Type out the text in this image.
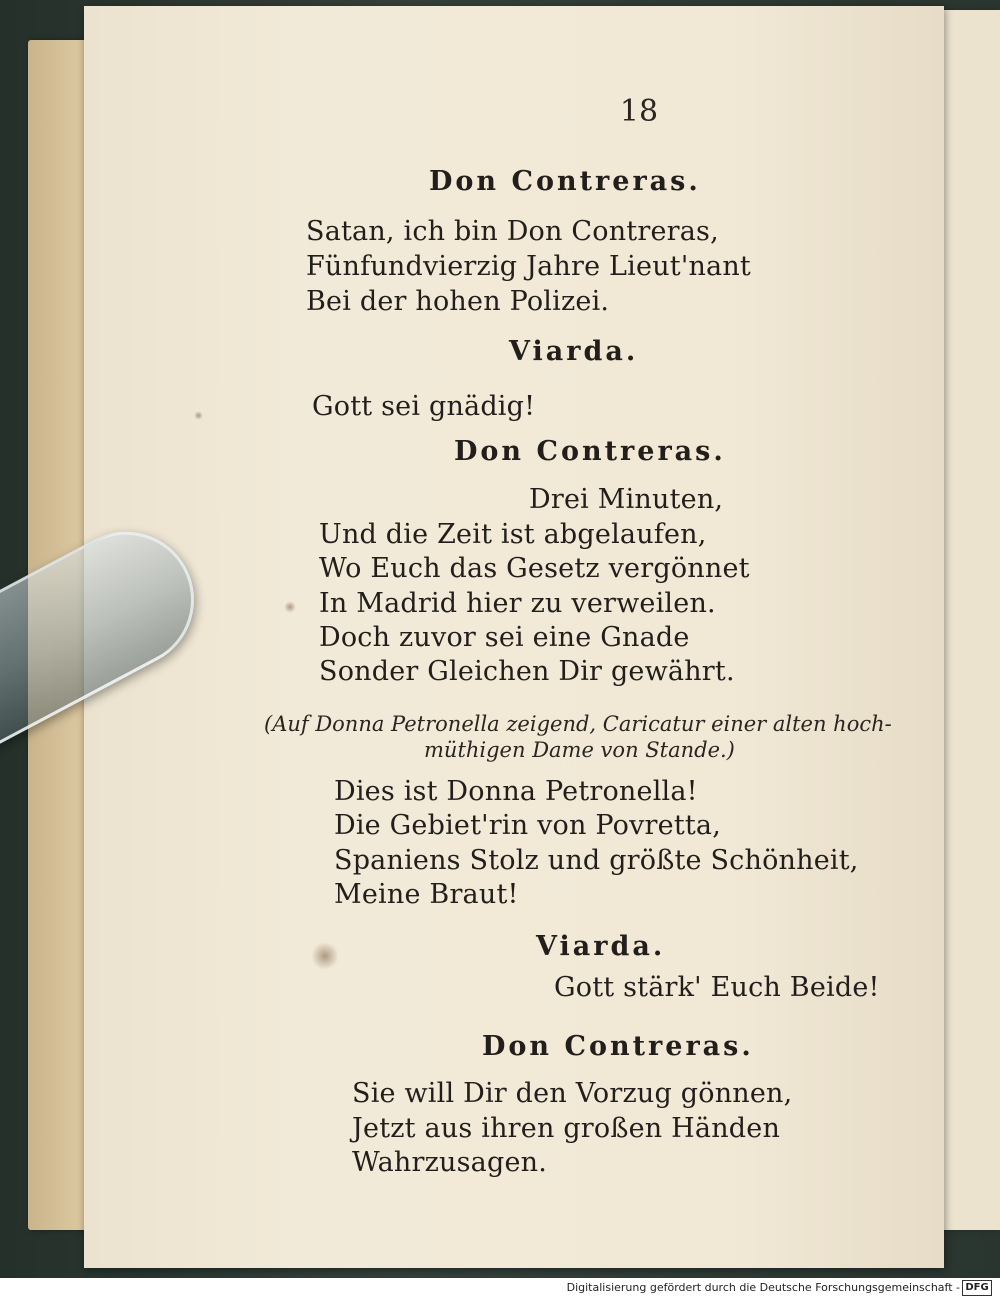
18
Don Contreras.
Satan, ich bin Don Contreras,
Fünfundvierzig Jahre Lieut'nant
Bei der hohen Polizei.
Viarda.
Gott sei gnädig!
Don Contreras.
Drei Minuten,
Und die Zeit ist abgelaufen,
Wo Euch das Gesetz vergönnet
In Madrid hier zu verweilen.
Doch zuvor sei eine Gnade
Sonder Gleichen Dir gewährt.
(Auf Donna Petronella zeigend, Caricatur einer alten hoch-
müthigen Dame von Stande.)
Dies ist Donna Petronella!
Die Gebiet'rin von Povretta,
Spaniens Stolz und größte Schönheit,
Meine Braut!
Viarda.
Gott stärk' Euch Beide!
Don Contreras.
Sie will Dir den Vorzug gönnen,
Jetzt aus ihren großen Händen
Wahrzusagen.
Digitalisierung gefördert durch die Deutsche Forschungsgemeinschaft - DFG
